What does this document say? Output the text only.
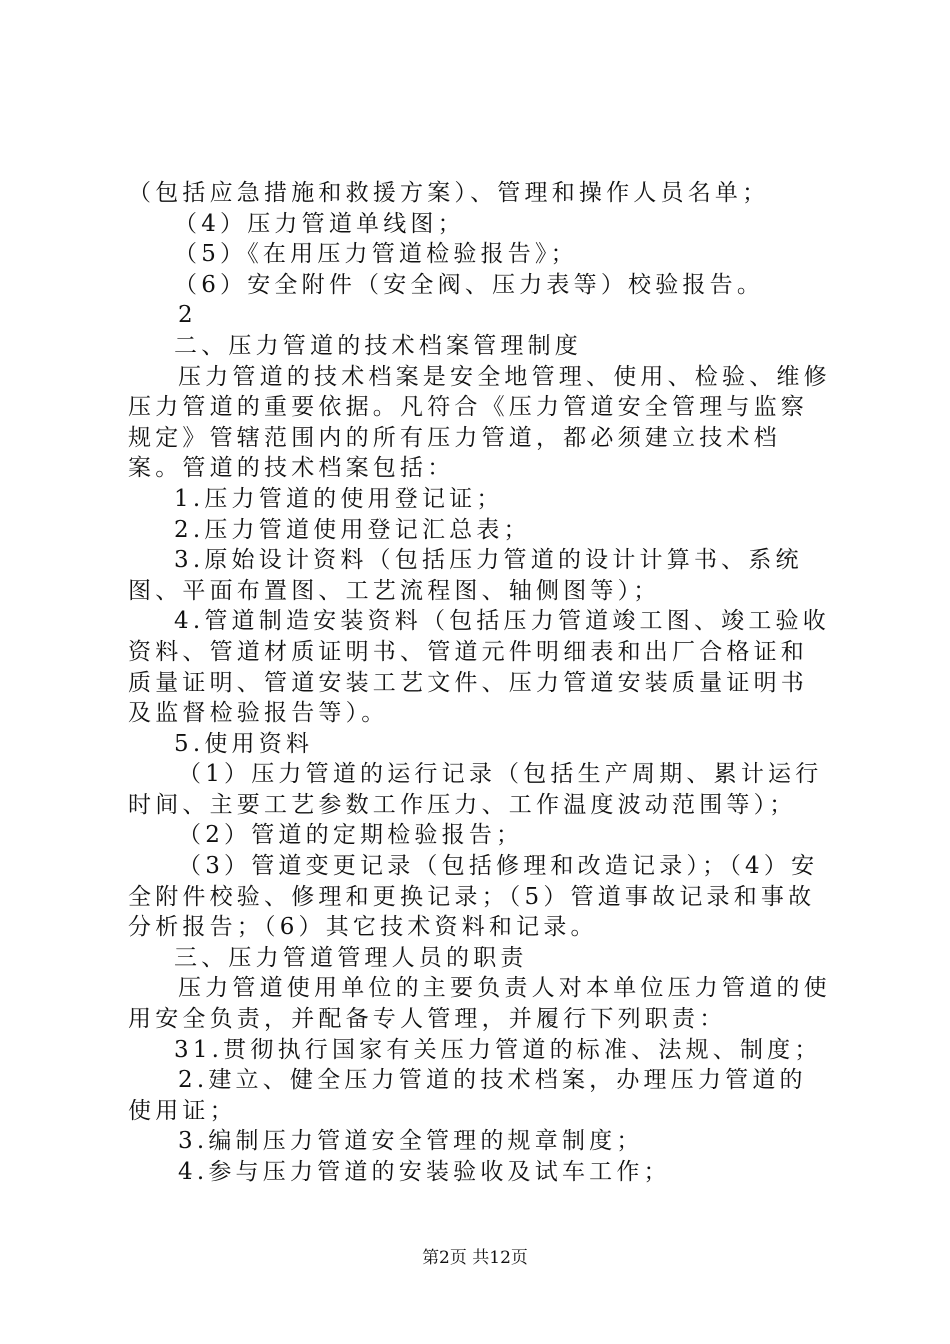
（包括应急措施和救援方案）、管理和操作人员名单；

（4）压力管道单线图；

（5）《在用压力管道检验报告》；

（6）安全附件（安全阀、压力表等）校验报告。

2

二、压力管道的技术档案管理制度

压力管道的技术档案是安全地管理、使用、检验、维修压力管道的重要依据。凡符合《压力管道安全管理与监察规定》管辖范围内的所有压力管道，都必须建立技术档案。管道的技术档案包括：

1.压力管道的使用登记证；

2.压力管道使用登记汇总表；

3.原始设计资料（包括压力管道的设计计算书、系统图、平面布置图、工艺流程图、轴侧图等）；

4.管道制造安装资料（包括压力管道竣工图、竣工验收资料、管道材质证明书、管道元件明细表和出厂合格证和质量证明、管道安装工艺文件、压力管道安装质量证明书及监督检验报告等）。

5.使用资料

（1）压力管道的运行记录（包括生产周期、累计运行时间、主要工艺参数工作压力、工作温度波动范围等）；

（2）管道的定期检验报告；

（3）管道变更记录（包括修理和改造记录）；（4）安全附件校验、修理和更换记录；（5）管道事故记录和事故分析报告；（6）其它技术资料和记录。

三、压力管道管理人员的职责

压力管道使用单位的主要负责人对本单位压力管道的使用安全负责，并配备专人管理，并履行下列职责：

31.贯彻执行国家有关压力管道的标准、法规、制度；

2.建立、健全压力管道的技术档案，办理压力管道的使用证；

3.编制压力管道安全管理的规章制度；

4.参与压力管道的安装验收及试车工作；

第2页 共12页
